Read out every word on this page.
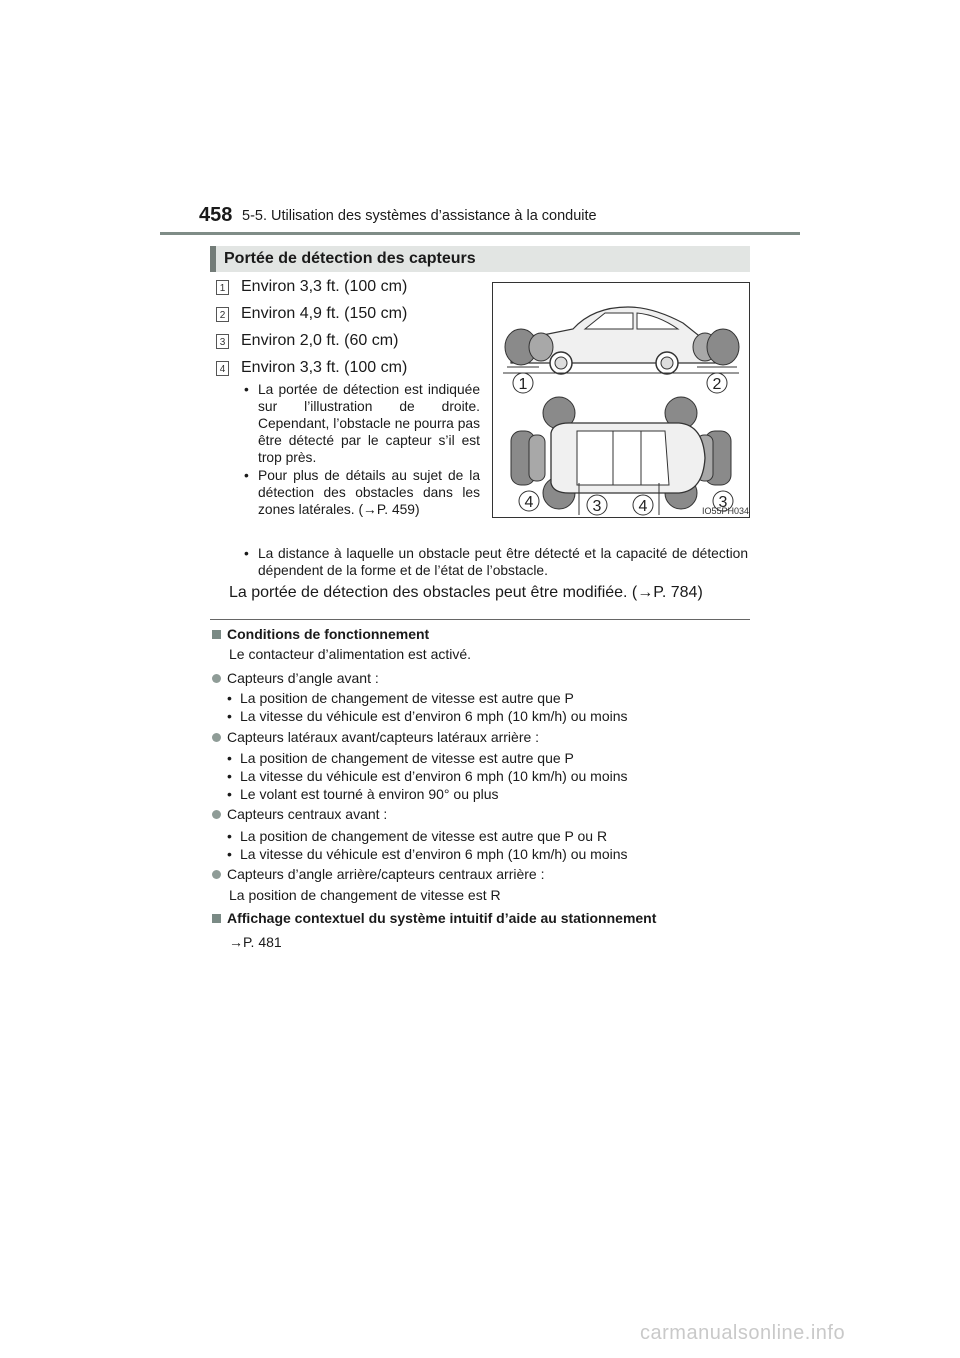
458 5-5. Utilisation des systèmes d’assistance à la conduite
Portée de détection des capteurs
1 Environ 3,3 ft. (100 cm)
2 Environ 4,9 ft. (150 cm)
3 Environ 2,0 ft. (60 cm)
4 Environ 3,3 ft. (100 cm)
• La portée de détection est indiquée sur l’illustration de droite. Cependant, l’obstacle ne pourra pas être détecté par le capteur s’il est trop près.
• Pour plus de détails au sujet de la détection des obstacles dans les zones latérales. (→P. 459)
• La distance à laquelle un obstacle peut être détecté et la capacité de détection dépendent de la forme et de l’état de l’obstacle.
La portée de détection des obstacles peut être modifiée. (→P. 784)
1	2
4	3 4	3
IO55PH034
Conditions de fonctionnement
Le contacteur d’alimentation est activé.
Capteurs d’angle avant :
• La position de changement de vitesse est autre que P
• La vitesse du véhicule est d’environ 6 mph (10 km/h) ou moins
Capteurs latéraux avant/capteurs latéraux arrière :
• La position de changement de vitesse est autre que P
• La vitesse du véhicule est d’environ 6 mph (10 km/h) ou moins
• Le volant est tourné à environ 90° ou plus
Capteurs centraux avant :
• La position de changement de vitesse est autre que P ou R
• La vitesse du véhicule est d’environ 6 mph (10 km/h) ou moins
Capteurs d’angle arrière/capteurs centraux arrière :
La position de changement de vitesse est R
Affichage contextuel du système intuitif d’aide au stationnement
→P. 481
carmanualsonline.info
